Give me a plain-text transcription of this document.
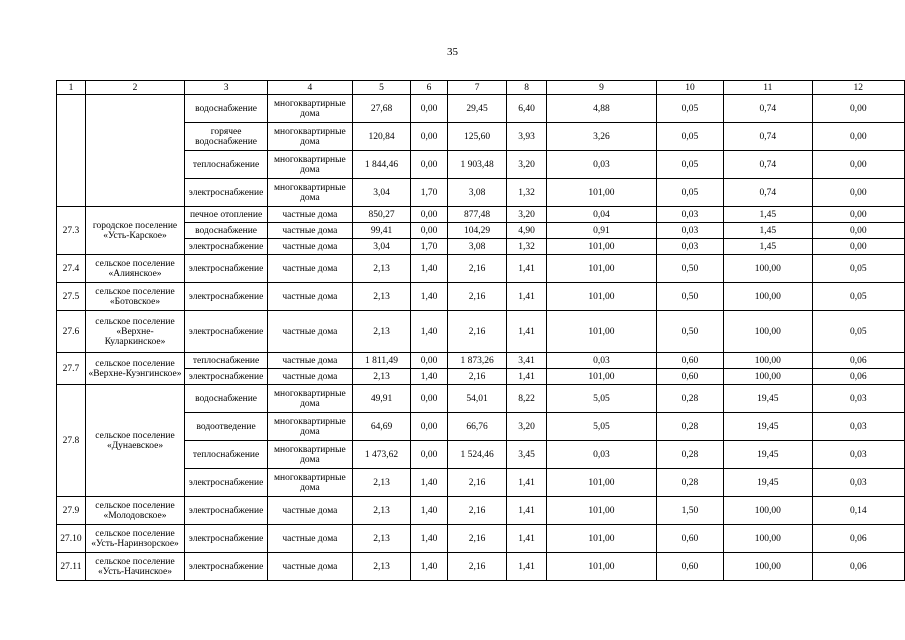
35
1	2	3	4	5	6	7	8	9	10	11	12
		водоснабжение	многоквартирные дома	27,68	0,00	29,45	6,40	4,88	0,05	0,74	0,00
		горячее водоснабжение	многоквартирные дома	120,84	0,00	125,60	3,93	3,26	0,05	0,74	0,00
		теплоснабжение	многоквартирные дома	1 844,46	0,00	1 903,48	3,20	0,03	0,05	0,74	0,00
		электроснабжение	многоквартирные дома	3,04	1,70	3,08	1,32	101,00	0,05	0,74	0,00
27.3	городское поселение «Усть-Карское»	печное отопление	частные дома	850,27	0,00	877,48	3,20	0,04	0,03	1,45	0,00
		водоснабжение	частные дома	99,41	0,00	104,29	4,90	0,91	0,03	1,45	0,00
		электроснабжение	частные дома	3,04	1,70	3,08	1,32	101,00	0,03	1,45	0,00
27.4	сельское поселение «Алиянское»	электроснабжение	частные дома	2,13	1,40	2,16	1,41	101,00	0,50	100,00	0,05
27.5	сельское поселение «Ботовское»	электроснабжение	частные дома	2,13	1,40	2,16	1,41	101,00	0,50	100,00	0,05
27.6	сельское поселение «Верхне-Куларкинское»	электроснабжение	частные дома	2,13	1,40	2,16	1,41	101,00	0,50	100,00	0,05
27.7	сельское поселение «Верхне-Куэнгинское»	теплоснабжение	частные дома	1 811,49	0,00	1 873,26	3,41	0,03	0,60	100,00	0,06
		электроснабжение	частные дома	2,13	1,40	2,16	1,41	101,00	0,60	100,00	0,06
27.8	сельское поселение «Дунаевское»	водоснабжение	многоквартирные дома	49,91	0,00	54,01	8,22	5,05	0,28	19,45	0,03
		водоотведение	многоквартирные дома	64,69	0,00	66,76	3,20	5,05	0,28	19,45	0,03
		теплоснабжение	многоквартирные дома	1 473,62	0,00	1 524,46	3,45	0,03	0,28	19,45	0,03
		электроснабжение	многоквартирные дома	2,13	1,40	2,16	1,41	101,00	0,28	19,45	0,03
27.9	сельское поселение «Молодовское»	электроснабжение	частные дома	2,13	1,40	2,16	1,41	101,00	1,50	100,00	0,14
27.10	сельское поселение «Усть-Наринзорское»	электроснабжение	частные дома	2,13	1,40	2,16	1,41	101,00	0,60	100,00	0,06
27.11	сельское поселение «Усть-Начинское»	электроснабжение	частные дома	2,13	1,40	2,16	1,41	101,00	0,60	100,00	0,06
